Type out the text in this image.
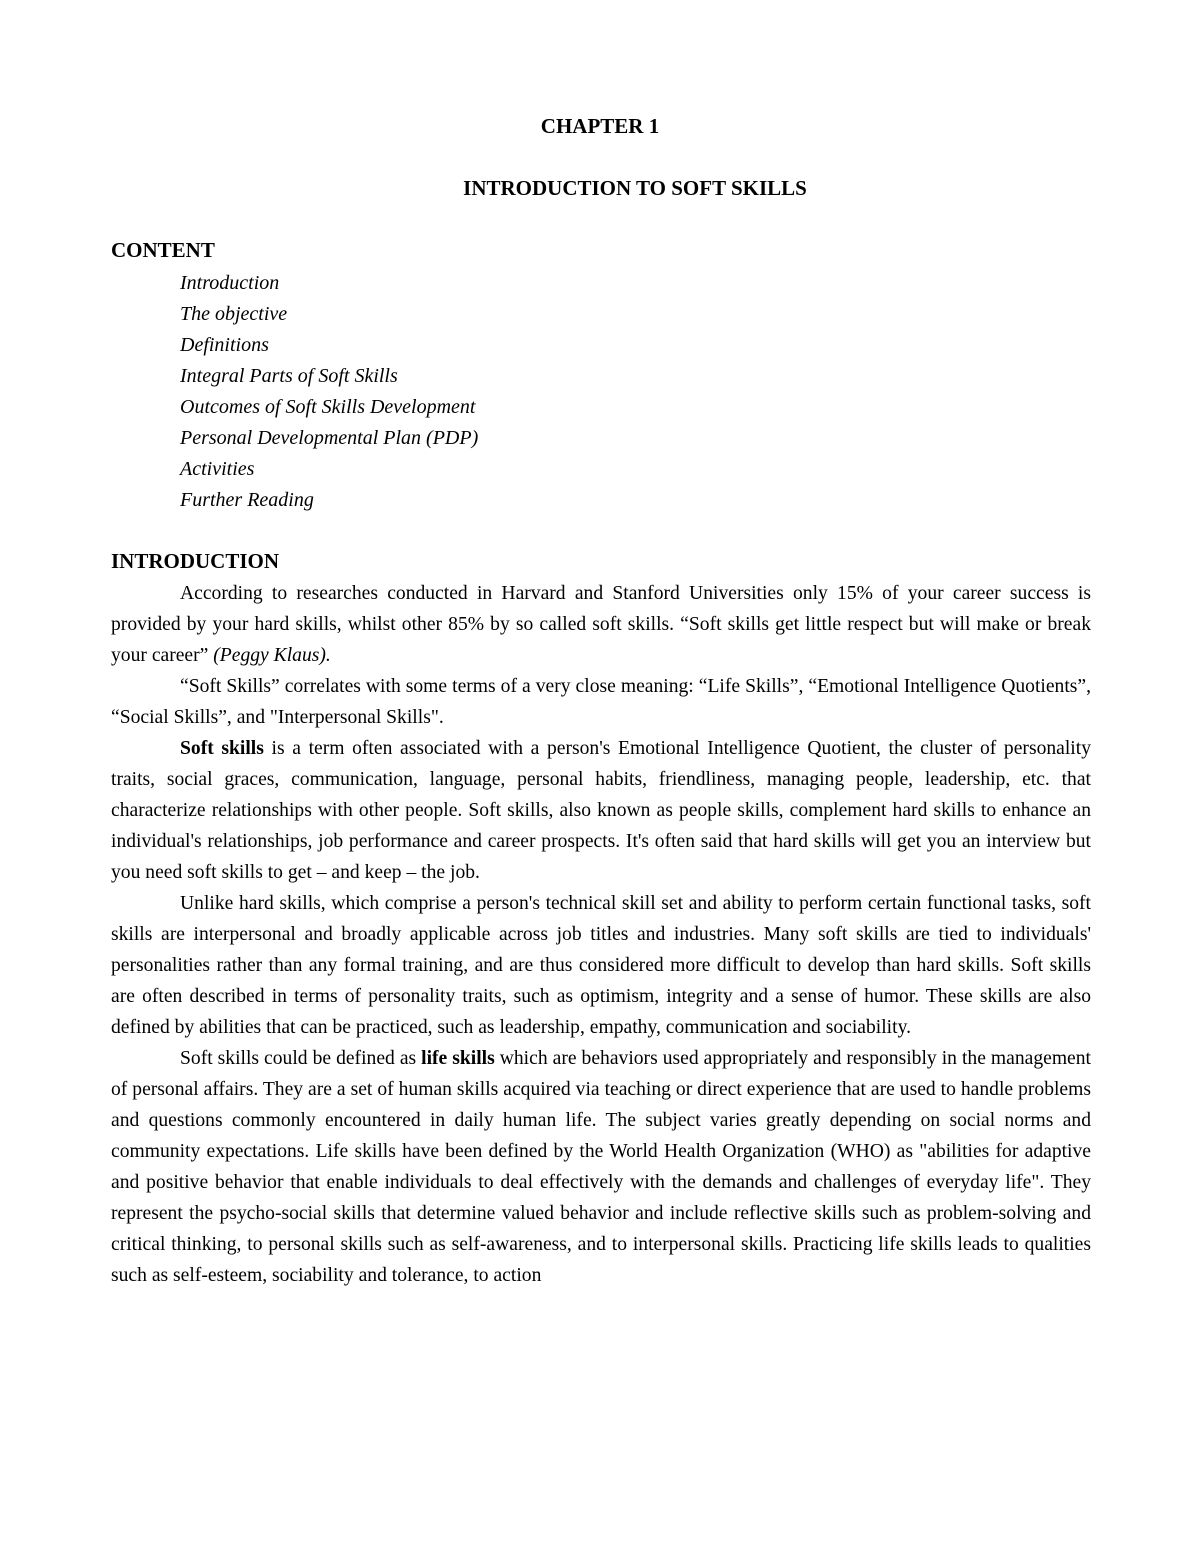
CHAPTER 1
INTRODUCTION TO SOFT SKILLS
CONTENT
Introduction
The objective
Definitions
Integral Parts of Soft Skills
Outcomes of Soft Skills Development
Personal Developmental Plan (PDP)
Activities
Further Reading
INTRODUCTION

According to researches conducted in Harvard and Stanford Universities only 15% of your career success is provided by your hard skills, whilst other 85% by so called soft skills. “Soft skills get little respect but will make or break your career” (Peggy Klaus).

“Soft Skills” correlates with some terms of a very close meaning: “Life Skills”, “Emotional Intelligence Quotients”, “Social Skills”, and "Interpersonal Skills".

Soft skills is a term often associated with a person's Emotional Intelligence Quotient, the cluster of personality traits, social graces, communication, language, personal habits, friendliness, managing people, leadership, etc. that characterize relationships with other people. Soft skills, also known as people skills, complement hard skills to enhance an individual's relationships, job performance and career prospects. It's often said that hard skills will get you an interview but you need soft skills to get – and keep – the job.

Unlike hard skills, which comprise a person's technical skill set and ability to perform certain functional tasks, soft skills are interpersonal and broadly applicable across job titles and industries. Many soft skills are tied to individuals' personalities rather than any formal training, and are thus considered more difficult to develop than hard skills. Soft skills are often described in terms of personality traits, such as optimism, integrity and a sense of humor. These skills are also defined by abilities that can be practiced, such as leadership, empathy, communication and sociability.

Soft skills could be defined as life skills which are behaviors used appropriately and responsibly in the management of personal affairs. They are a set of human skills acquired via teaching or direct experience that are used to handle problems and questions commonly encountered in daily human life. The subject varies greatly depending on social norms and community expectations. Life skills have been defined by the World Health Organization (WHO) as "abilities for adaptive and positive behavior that enable individuals to deal effectively with the demands and challenges of everyday life". They represent the psycho-social skills that determine valued behavior and include reflective skills such as problem-solving and critical thinking, to personal skills such as self-awareness, and to interpersonal skills. Practicing life skills leads to qualities such as self-esteem, sociability and tolerance, to action
